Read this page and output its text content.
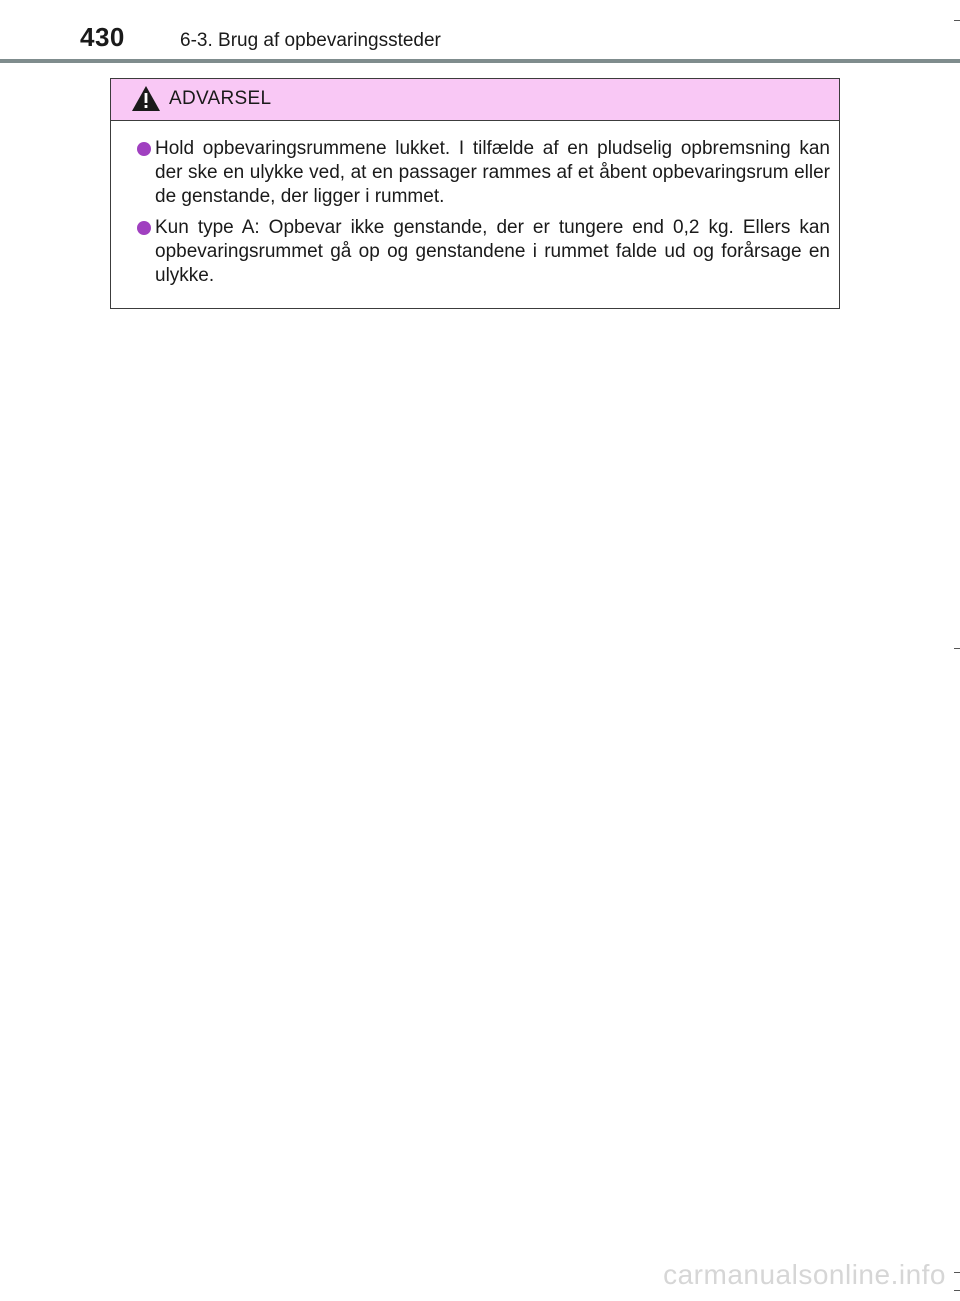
430	6-3. Brug af opbevaringssteder
ADVARSEL
Hold opbevaringsrummene lukket. I tilfælde af en pludselig opbremsning kan der ske en ulykke ved, at en passager rammes af et åbent opbevaringsrum eller de genstande, der ligger i rummet.
Kun type A: Opbevar ikke genstande, der er tungere end 0,2 kg. Ellers kan opbevaringsrummet gå op og genstandene i rummet falde ud og forårsage en ulykke.
carmanualsonline.info
